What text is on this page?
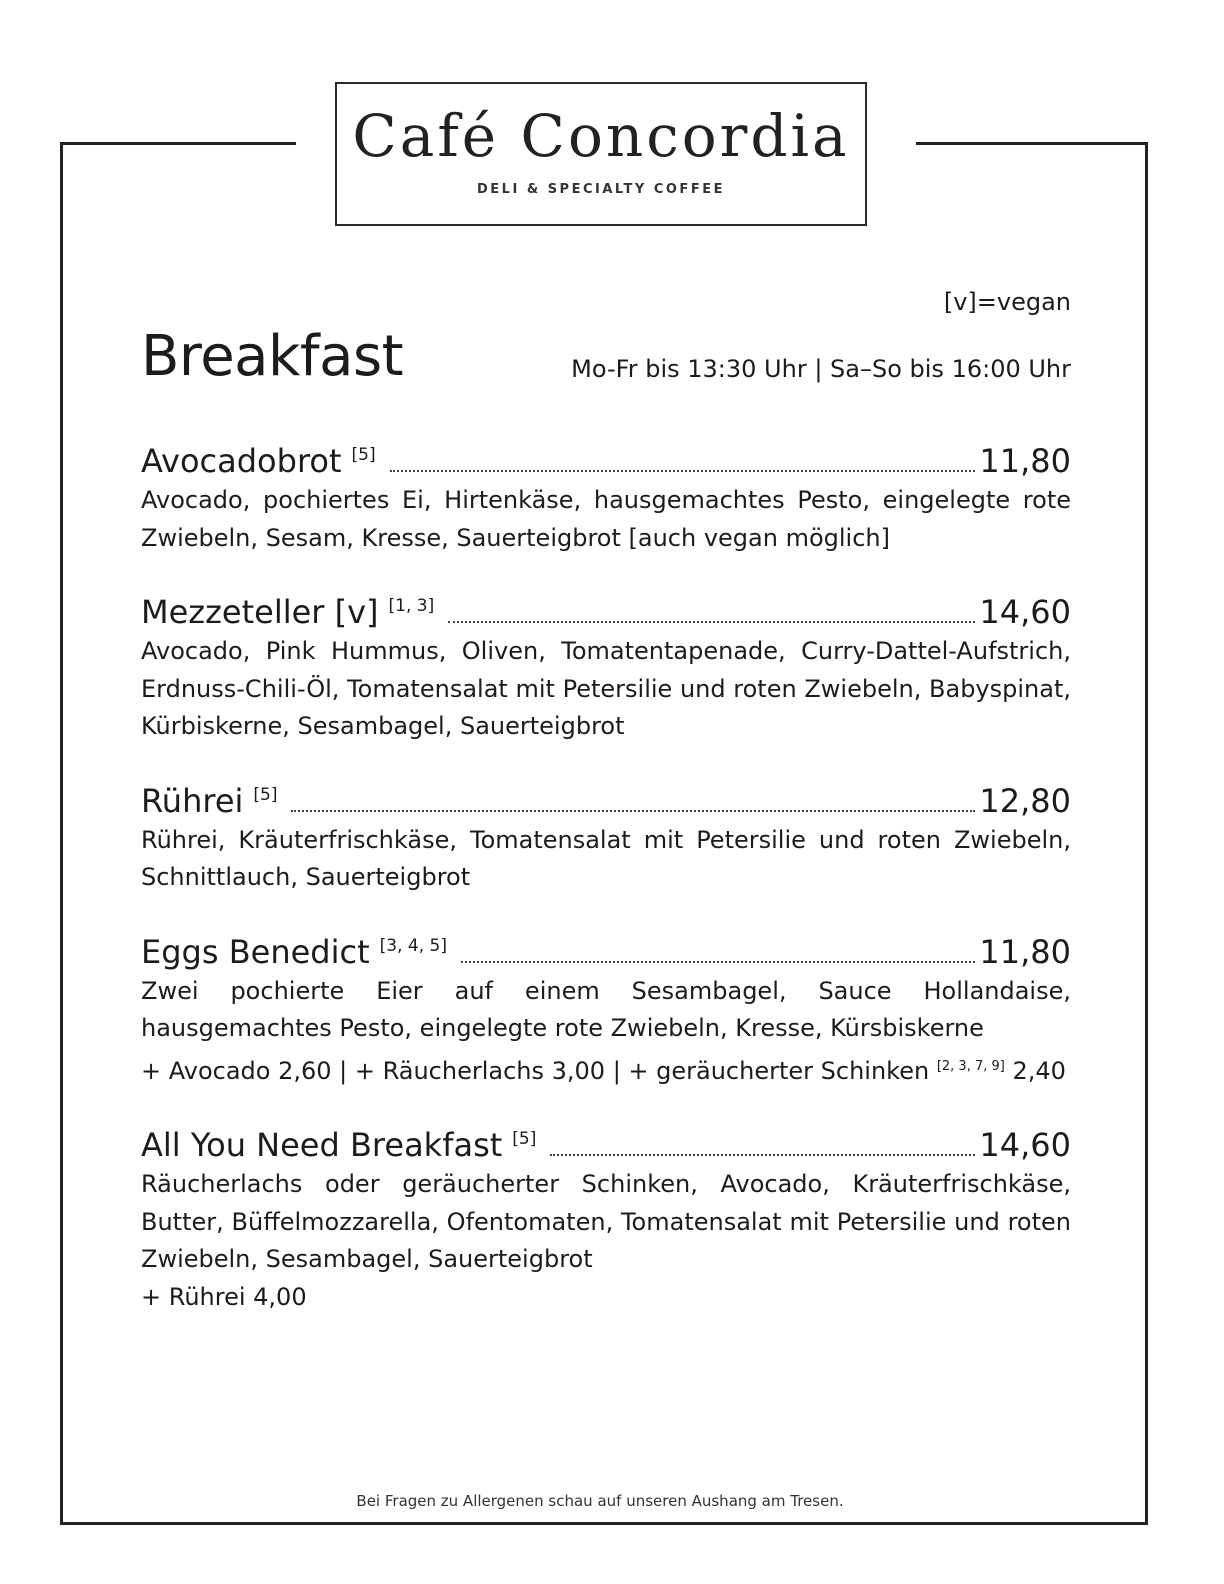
Café Concordia
DELI & SPECIALTY COFFEE
[v]=vegan
Breakfast	Mo-Fr bis 13:30 Uhr | Sa–So bis 16:00 Uhr
Avocadobrot [5]	11,80
Avocado, pochiertes Ei, Hirtenkäse, hausgemachtes Pesto, eingelegte rote Zwiebeln, Sesam, Kresse, Sauerteigbrot [auch vegan möglich]
Mezzeteller [v] [1, 3]	14,60
Avocado, Pink Hummus, Oliven, Tomatentapenade, Curry-Dattel-Aufstrich, Erdnuss-Chili-Öl, Tomatensalat mit Petersilie und roten Zwiebeln, Babyspinat, Kürbiskerne, Sesambagel, Sauerteigbrot
Rührei [5]	12,80
Rührei, Kräuterfrischkäse, Tomatensalat mit Petersilie und roten Zwiebeln, Schnittlauch, Sauerteigbrot
Eggs Benedict [3, 4, 5]	11,80
Zwei pochierte Eier auf einem Sesambagel, Sauce Hollandaise, hausgemachtes Pesto, eingelegte rote Zwiebeln, Kresse, Kürsbiskerne
+ Avocado 2,60 | + Räucherlachs 3,00 | + geräucherter Schinken [2, 3, 7, 9] 2,40
All You Need Breakfast [5]	14,60
Räucherlachs oder geräucherter Schinken, Avocado, Kräuterfrischkäse, Butter, Büffelmozzarella, Ofentomaten, Tomatensalat mit Petersilie und roten Zwiebeln, Sesambagel, Sauerteigbrot
+ Rührei 4,00
Bei Fragen zu Allergenen schau auf unseren Aushang am Tresen.
